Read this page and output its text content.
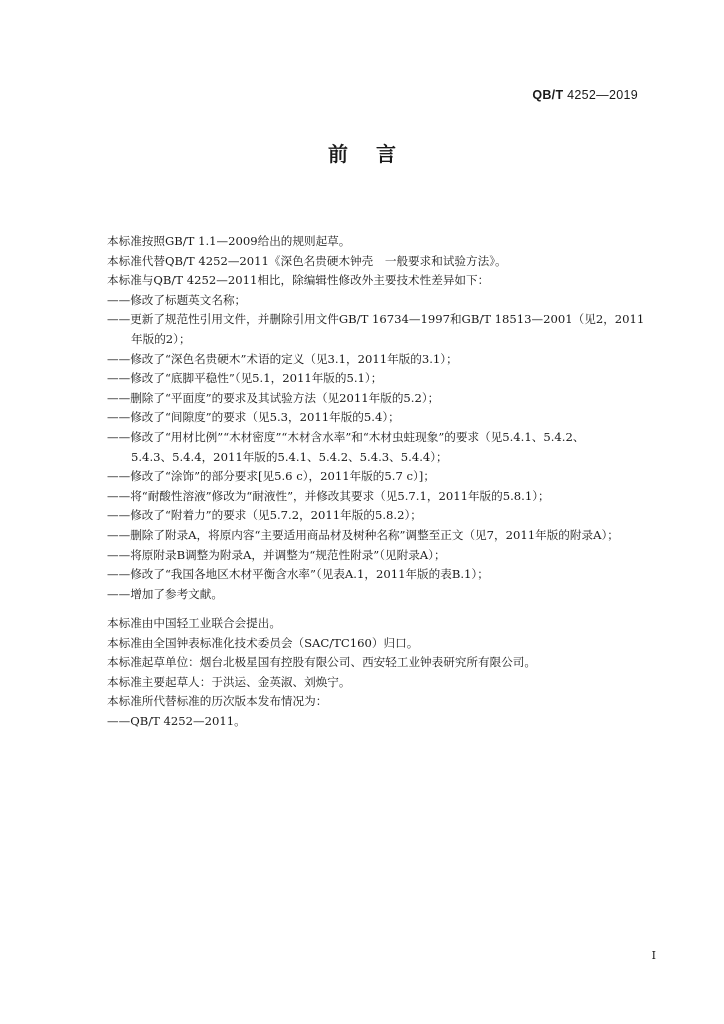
QB/T 4252—2019
前言
本标准按照GB/T 1.1—2009给出的规则起草。
本标准代替QB/T 4252—2011《深色名贵硬木钟壳　一般要求和试验方法》。
本标准与QB/T 4252—2011相比，除编辑性修改外主要技术性差异如下：
——修改了标题英文名称；
——更新了规范性引用文件，并删除引用文件GB/T 16734—1997和GB/T 18513—2001（见2，2011
年版的2）；
——修改了“深色名贵硬木”术语的定义（见3.1，2011年版的3.1）；
——修改了“底脚平稳性”（见5.1，2011年版的5.1）；
——删除了“平面度”的要求及其试验方法（见2011年版的5.2）；
——修改了“间隙度”的要求（见5.3，2011年版的5.4）；
——修改了“用材比例”“木材密度”“木材含水率”和“木材虫蛀现象”的要求（见5.4.1、5.4.2、
5.4.3、5.4.4，2011年版的5.4.1、5.4.2、5.4.3、5.4.4）；
——修改了“涂饰”的部分要求[见5.6 c），2011年版的5.7 c）]；
——将“耐酸性溶液”修改为“耐液性”，并修改其要求（见5.7.1，2011年版的5.8.1）；
——修改了“附着力”的要求（见5.7.2，2011年版的5.8.2）；
——删除了附录A，将原内容“主要适用商品材及树种名称”调整至正文（见7，2011年版的附录A）；
——将原附录B调整为附录A，并调整为“规范性附录”（见附录A）；
——修改了“我国各地区木材平衡含水率”（见表A.1，2011年版的表B.1）；
——增加了参考文献。
本标准由中国轻工业联合会提出。
本标准由全国钟表标准化技术委员会（SAC/TC160）归口。
本标准起草单位：烟台北极星国有控股有限公司、西安轻工业钟表研究所有限公司。
本标准主要起草人：于洪运、金英淑、刘焕宁。
本标准所代替标准的历次版本发布情况为：
——QB/T 4252—2011。
I
